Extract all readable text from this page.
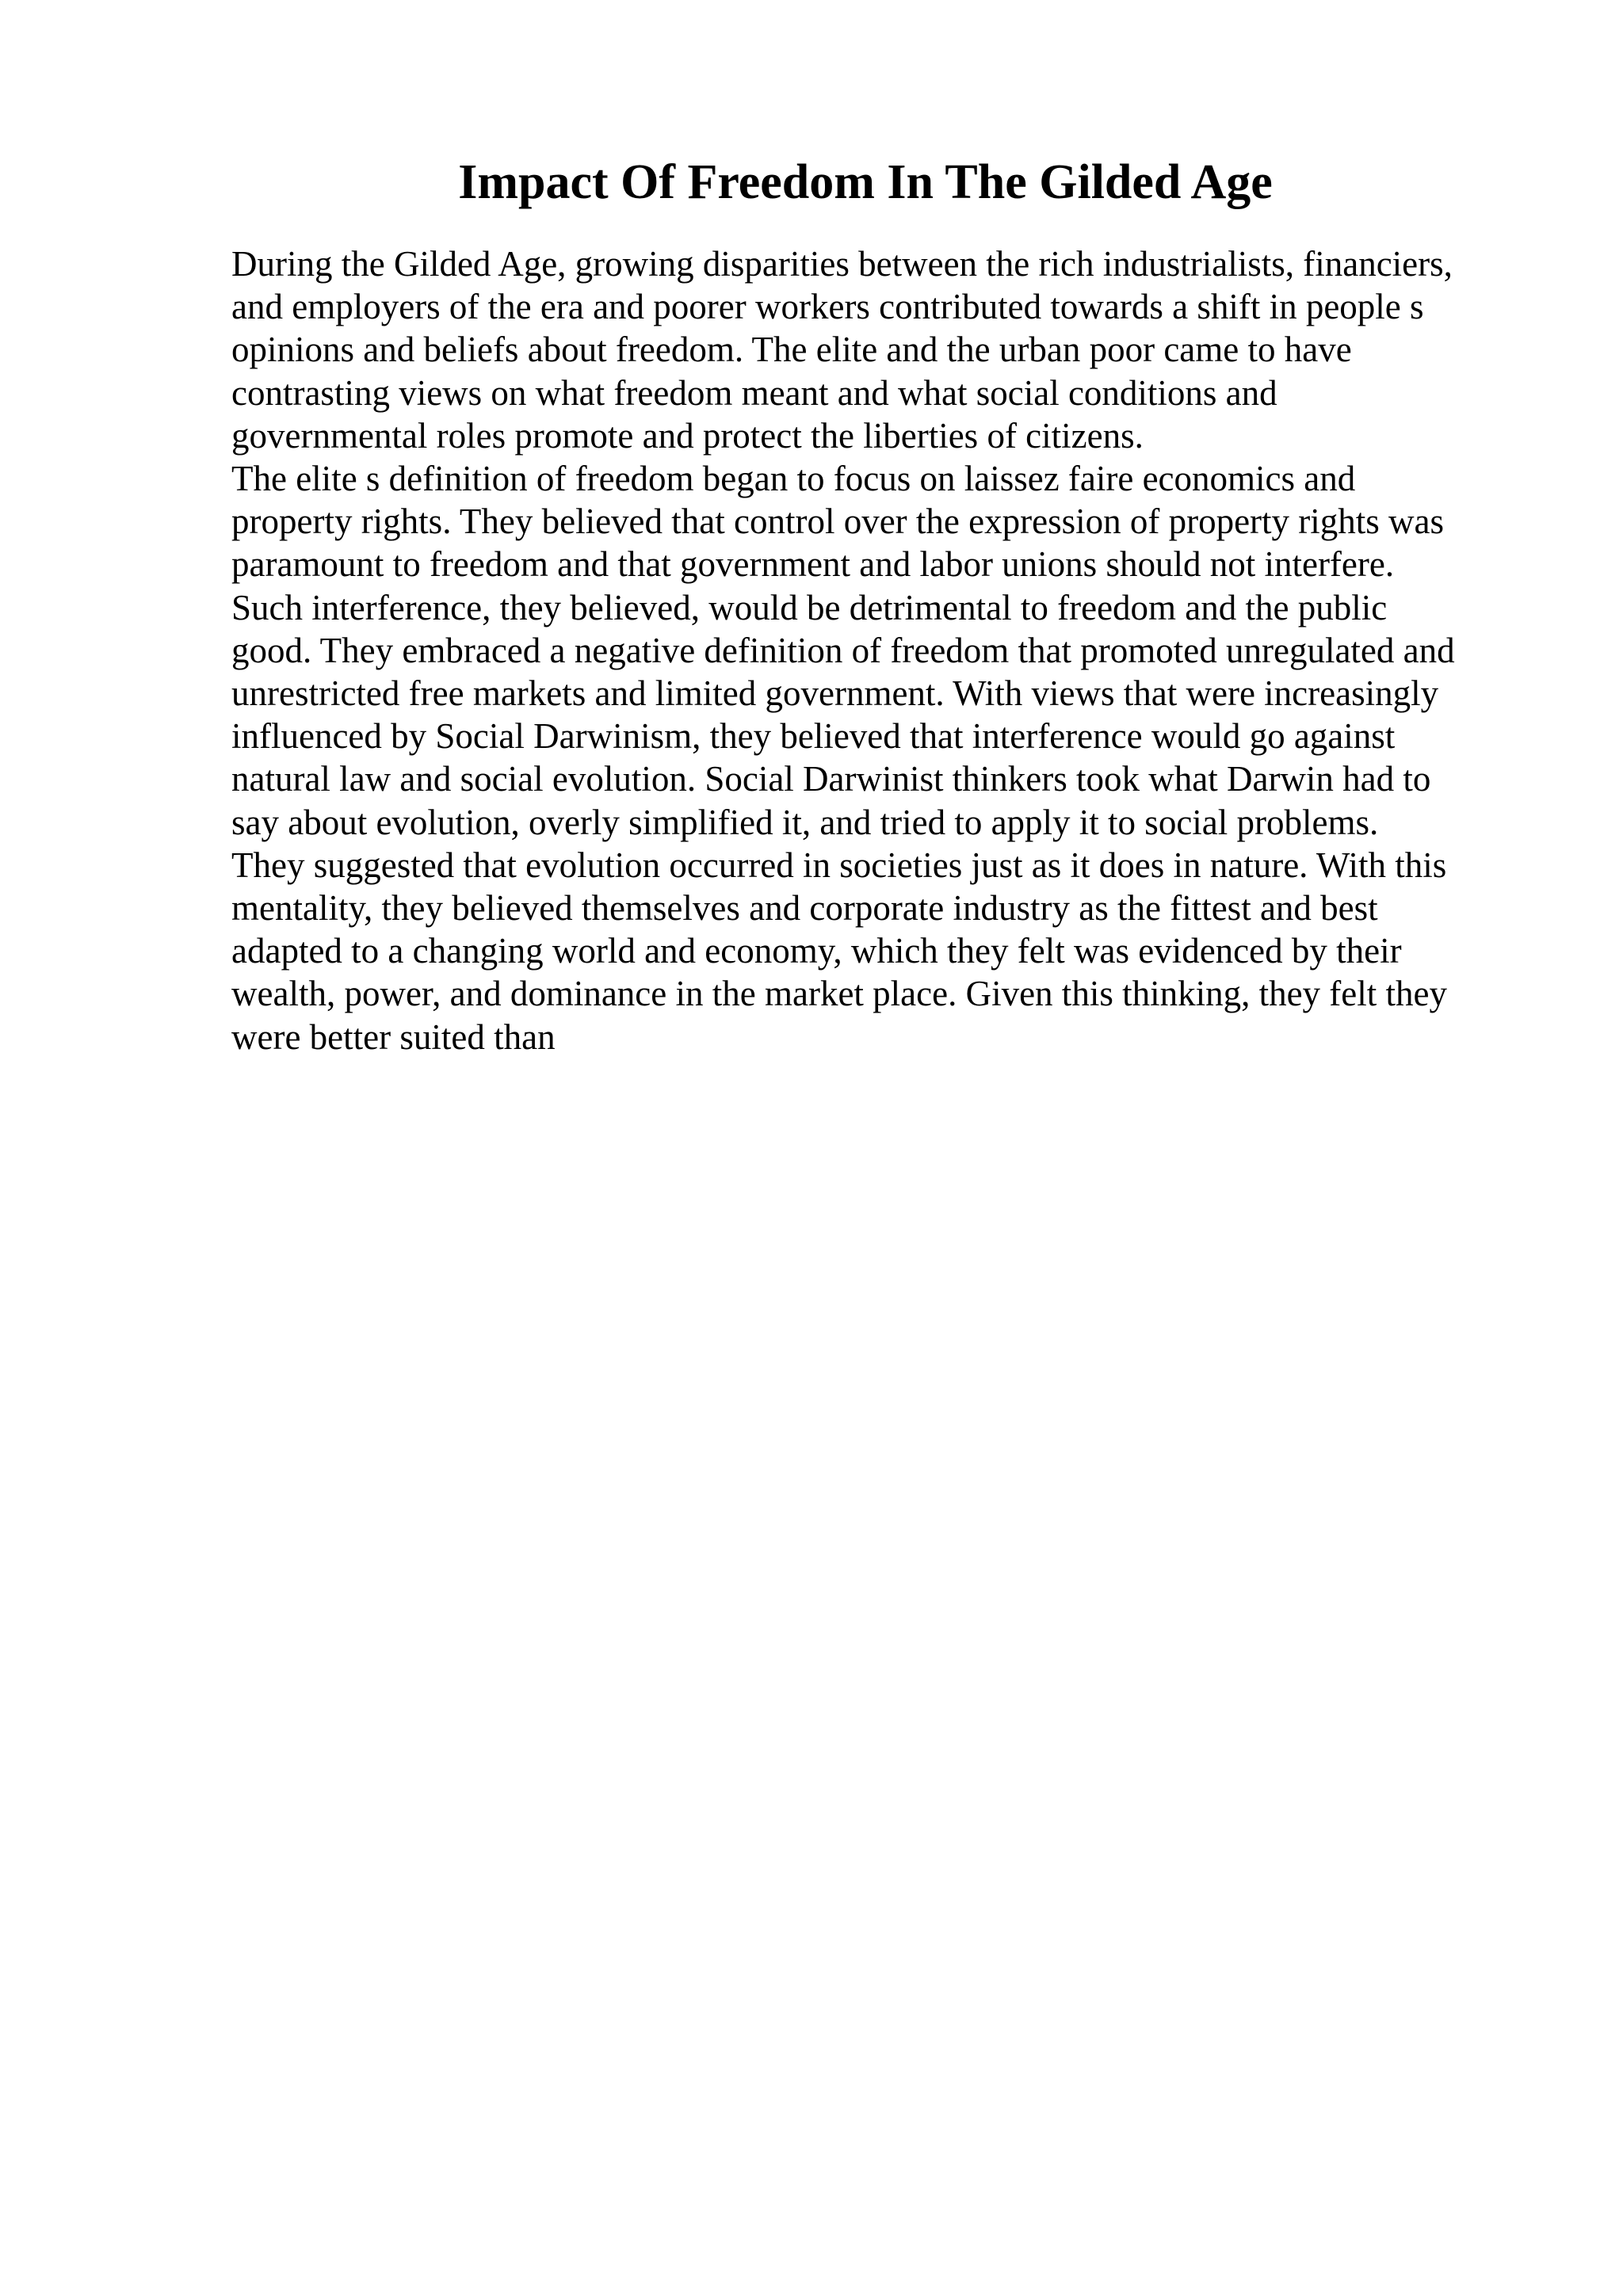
Impact Of Freedom In The Gilded Age
During the Gilded Age, growing disparities between the rich industrialists, financiers,
and employers of the era and poorer workers contributed towards a shift in people s
opinions and beliefs about freedom. The elite and the urban poor came to have
contrasting views on what freedom meant and what social conditions and
governmental roles promote and protect the liberties of citizens.
The elite s definition of freedom began to focus on laissez faire economics and
property rights. They believed that control over the expression of property rights was
paramount to freedom and that government and labor unions should not interfere.
Such interference, they believed, would be detrimental to freedom and the public
good. They embraced a negative definition of freedom that promoted unregulated and
unrestricted free markets and limited government. With views that were increasingly
influenced by Social Darwinism, they believed that interference would go against
natural law and social evolution. Social Darwinist thinkers took what Darwin had to
say about evolution, overly simplified it, and tried to apply it to social problems.
They suggested that evolution occurred in societies just as it does in nature. With this
mentality, they believed themselves and corporate industry as the fittest and best
adapted to a changing world and economy, which they felt was evidenced by their
wealth, power, and dominance in the market place. Given this thinking, they felt they
were better suited than
